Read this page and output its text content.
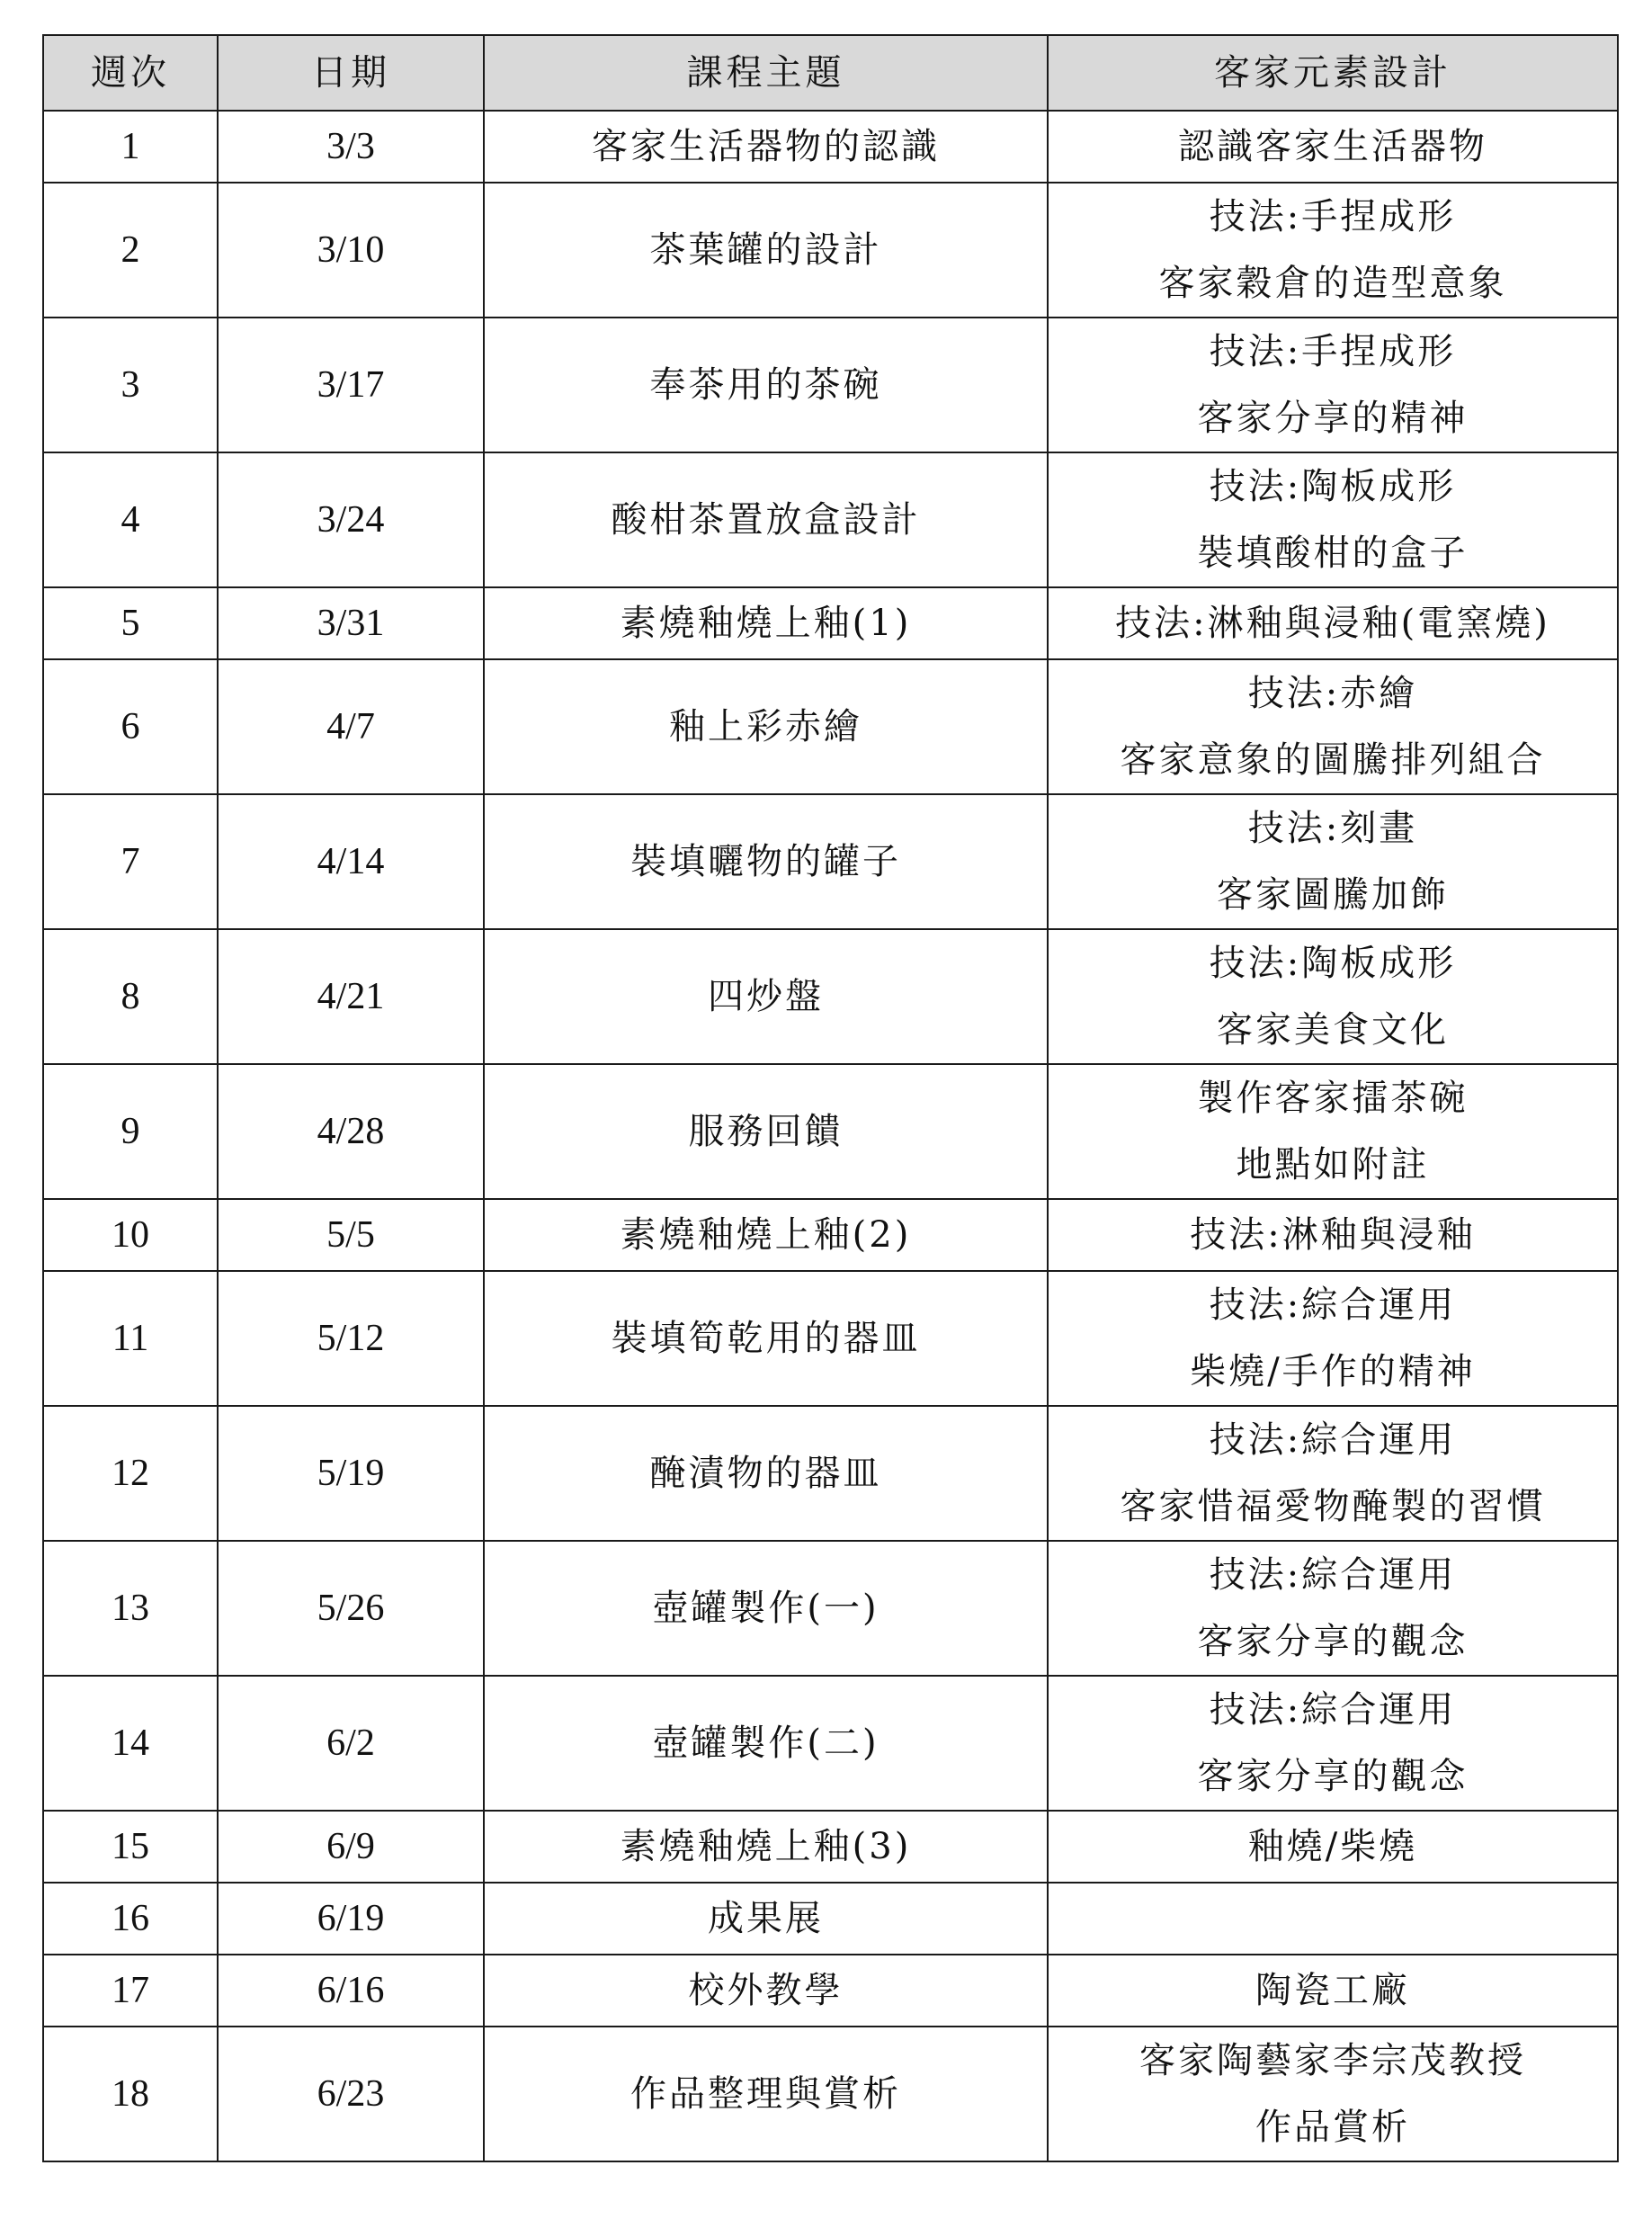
週次	日期	課程主題	客家元素設計
1	3/3	客家生活器物的認識	認識客家生活器物

2	3/10	茶葉罐的設計	技法:手捏成形
客家穀倉的造型意象

3	3/17	奉茶用的茶碗	技法:手捏成形
客家分享的精神

4	3/24	酸柑茶置放盒設計	技法:陶板成形
裝填酸柑的盒子

5	3/31	素燒釉燒上釉(1)	技法:淋釉與浸釉(電窯燒)

6	4/7	釉上彩赤繪	技法:赤繪
客家意象的圖騰排列組合

7	4/14	裝填曬物的罐子	技法:刻畫
客家圖騰加飾

8	4/21	四炒盤	技法:陶板成形
客家美食文化

9	4/28	服務回饋	製作客家擂茶碗
地點如附註

10	5/5	素燒釉燒上釉(2)	技法:淋釉與浸釉

11	5/12	裝填筍乾用的器皿	技法:綜合運用
柴燒/手作的精神

12	5/19	醃漬物的器皿	技法:綜合運用
客家惜福愛物醃製的習慣

13	5/26	壺罐製作(一)	技法:綜合運用
客家分享的觀念

14	6/2	壺罐製作(二)	技法:綜合運用
客家分享的觀念

15	6/9	素燒釉燒上釉(3)	釉燒/柴燒

16	6/19	成果展	

17	6/16	校外教學	陶瓷工廠

18	6/23	作品整理與賞析	客家陶藝家李宗茂教授
作品賞析
